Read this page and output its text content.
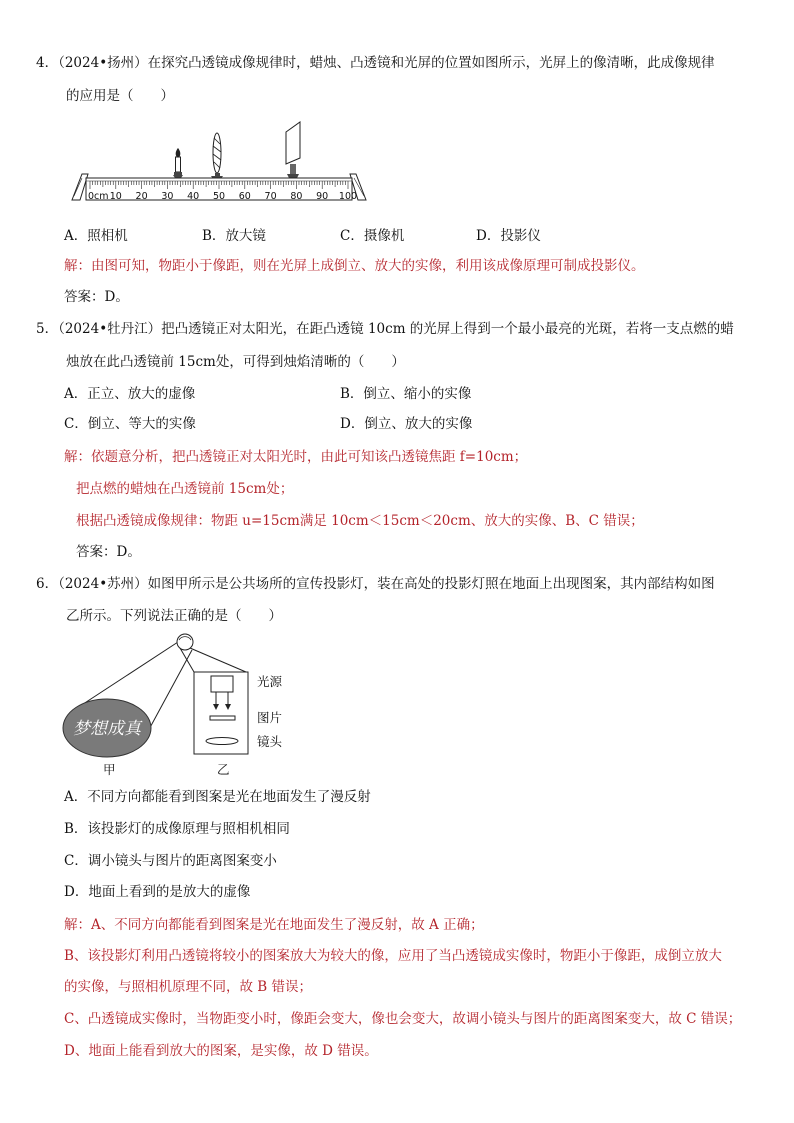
4．（2024•扬州）在探究凸透镜成像规律时，蜡烛、凸透镜和光屏的位置如图所示，光屏上的像清晰，此成像规律
的应用是（　　）
0cm 10 20 30 40 50 60 70 80 90 100
A．照相机	B．放大镜	C．摄像机	D．投影仪
解：由图可知，物距小于像距，则在光屏上成倒立、放大的实像，利用该成像原理可制成投影仪。
答案：D。
5．（2024•牡丹江）把凸透镜正对太阳光，在距凸透镜 10cm 的光屏上得到一个最小最亮的光斑，若将一支点燃的蜡
烛放在此凸透镜前 15cm处，可得到烛焰清晰的（　　）
A．正立、放大的虚像	B．倒立、缩小的实像
C．倒立、等大的实像	D．倒立、放大的实像
解：依题意分析，把凸透镜正对太阳光时，由此可知该凸透镜焦距 f=10cm；
把点燃的蜡烛在凸透镜前 15cm处；
根据凸透镜成像规律：物距 u=15cm满足 10cm＜15cm＜20cm、放大的实像、B、C 错误；
答案：D。
6．（2024•苏州）如图甲所示是公共场所的宣传投影灯，装在高处的投影灯照在地面上出现图案，其内部结构如图
乙所示。下列说法正确的是（　　）
梦想成真
光源
图片
镜头
甲	乙
A．不同方向都能看到图案是光在地面发生了漫反射
B．该投影灯的成像原理与照相机相同
C．调小镜头与图片的距离图案变小
D．地面上看到的是放大的虚像
解：A、不同方向都能看到图案是光在地面发生了漫反射，故 A 正确；
B、该投影灯利用凸透镜将较小的图案放大为较大的像，应用了当凸透镜成实像时，物距小于像距，成倒立放大
的实像，与照相机原理不同，故 B 错误；
C、凸透镜成实像时，当物距变小时，像距会变大，像也会变大，故调小镜头与图片的距离图案变大，故 C 错误；
D、地面上能看到放大的图案，是实像，故 D 错误。
